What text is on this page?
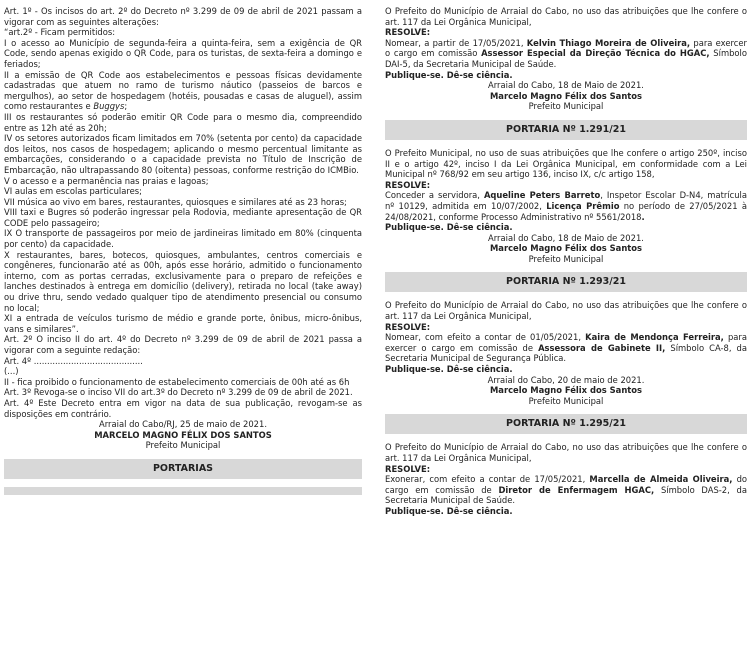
Art. 1º - Os incisos do art. 2º do Decreto nº 3.299 de 09 de abril de 2021 passam a vigorar com as seguintes alterações:

“art.2º - Ficam permitidos:

I o acesso ao Município de segunda-feira a quinta-feira, sem a exigência de QR Code, sendo apenas exigido o QR Code, para os turistas, de sexta-feira a domingo e feriados;

II a emissão de QR Code aos estabelecimentos e pessoas físicas devidamente cadastradas que atuem no ramo de turismo náutico (passeios de barcos e mergulhos), ao setor de hospedagem (hotéis, pousadas e casas de aluguel), assim como restaurantes e Buggys;

III os restaurantes só poderão emitir QR Code para o mesmo dia, compreendido entre as 12h até as 20h;

IV os setores autorizados ficam limitados em 70% (setenta por cento) da capacidade dos leitos, nos casos de hospedagem; aplicando o mesmo percentual limitante as embarcações, considerando o a capacidade prevista no Título de Inscrição de Embarcação, não ultrapassando 80 (oitenta) pessoas, conforme restrição do ICMBio.

V o acesso e a permanência nas praias e lagoas;

VI aulas em escolas particulares;

VII música ao vivo em bares, restaurantes, quiosques e similares até as 23 horas;

VIII taxi e Bugres só poderão ingressar pela Rodovia, mediante apresentação de QR CODE pelo passageiro;

IX O transporte de passageiros por meio de jardineiras limitado em 80% (cinquenta por cento) da capacidade.

X restaurantes, bares, botecos, quiosques, ambulantes, centros comerciais e congêneres, funcionarão até as 00h, após esse horário, admitido o funcionamento interno, com as portas cerradas, exclusivamente para o preparo de refeições e lanches destinados à entrega em domicílio (delivery), retirada no local (take away) ou drive thru, sendo vedado qualquer tipo de atendimento presencial ou consumo no local;

XI a entrada de veículos turismo de médio e grande porte, ônibus, micro-ônibus, vans e similares”.

Art. 2º O inciso II do art. 4º do Decreto nº 3.299 de 09 de abril de 2021 passa a vigorar com a seguinte redação:

Art. 4º .........................................

(...)

II - fica proibido o funcionamento de estabelecimento comerciais de 00h até as 6h

Art. 3º Revoga-se o inciso VII do art.3º do Decreto nº 3.299 de 09 de abril de 2021.

Art. 4º Este Decreto entra em vigor na data de sua publicação, revogam-se as disposições em contrário.

Arraial do Cabo/RJ, 25 de maio de 2021.

MARCELO MAGNO FÉLIX DOS SANTOS

Prefeito Municipal

PORTARIAS

O Prefeito do Município de Arraial do Cabo, no uso das atribuições que lhe confere o art. 117 da Lei Orgânica Municipal,

RESOLVE:

Nomear, a partir de 17/05/2021, Kelvin Thiago Moreira de Oliveira, para exercer o cargo em comissão Assessor Especial da Direção Técnica do HGAC, Símbolo DAI-5, da Secretaria Municipal de Saúde.

Publique-se. Dê-se ciência.

Arraial do Cabo, 18 de Maio de 2021.

Marcelo Magno Félix dos Santos

Prefeito Municipal

PORTARIA Nº 1.291/21

O Prefeito Municipal, no uso de suas atribuições que lhe confere o artigo 250º, inciso II e o artigo 42º, inciso I da Lei Orgânica Municipal, em conformidade com a Lei Municipal nº 768/92 em seu artigo 136, inciso IX, c/c artigo 158,

RESOLVE:

Conceder a servidora, Aqueline Peters Barreto, Inspetor Escolar D-N4, matrícula nº 10129, admitida em 10/07/2002, Licença Prêmio no período de 27/05/2021 à 24/08/2021, conforme Processo Administrativo nº 5561/2018.

Publique-se. Dê-se ciência.

Arraial do Cabo, 18 de Maio de 2021.

Marcelo Magno Félix dos Santos

Prefeito Municipal

PORTARIA Nº 1.293/21

O Prefeito do Município de Arraial do Cabo, no uso das atribuições que lhe confere o art. 117 da Lei Orgânica Municipal,

RESOLVE:

Nomear, com efeito a contar de 01/05/2021, Kaira de Mendonça Ferreira, para exercer o cargo em comissão de Assessora de Gabinete II, Símbolo CA-8, da Secretaria Municipal de Segurança Pública.

Publique-se. Dê-se ciência.

Arraial do Cabo, 20 de maio de 2021.

Marcelo Magno Félix dos Santos

Prefeito Municipal

PORTARIA Nº 1.295/21

O Prefeito do Município de Arraial do Cabo, no uso das atribuições que lhe confere o art. 117 da Lei Orgânica Municipal,

RESOLVE:

Exonerar, com efeito a contar de 17/05/2021, Marcella de Almeida Oliveira, do cargo em comissão de Diretor de Enfermagem HGAC, Símbolo DAS-2, da Secretaria Municipal de Saúde.

Publique-se. Dê-se ciência.
